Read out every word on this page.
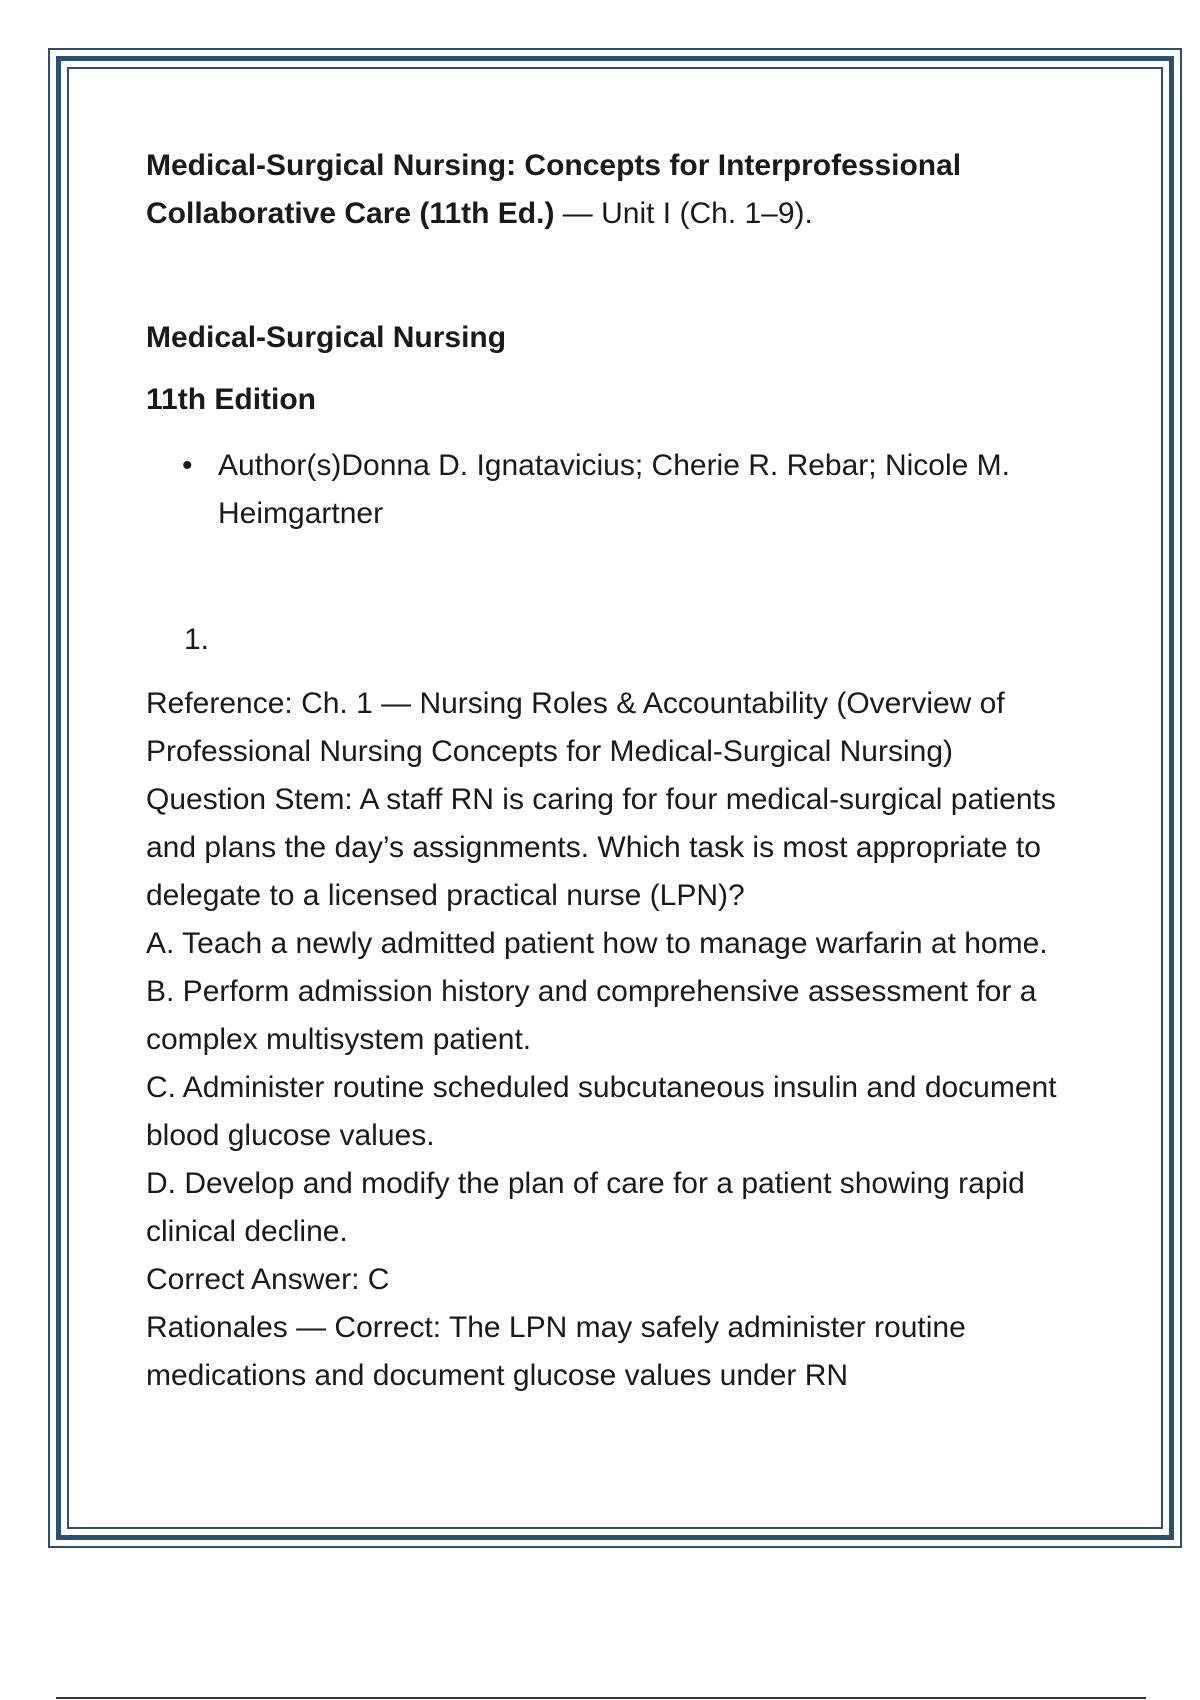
Medical-Surgical Nursing: Concepts for Interprofessional Collaborative Care (11th Ed.) — Unit I (Ch. 1–9).

Medical-Surgical Nursing

11th Edition

• Author(s)Donna D. Ignatavicius; Cherie R. Rebar; Nicole M. Heimgartner

1.

Reference: Ch. 1 — Nursing Roles & Accountability (Overview of Professional Nursing Concepts for Medical-Surgical Nursing)

Question Stem: A staff RN is caring for four medical-surgical patients and plans the day’s assignments. Which task is most appropriate to delegate to a licensed practical nurse (LPN)?

A. Teach a newly admitted patient how to manage warfarin at home.

B. Perform admission history and comprehensive assessment for a complex multisystem patient.

C. Administer routine scheduled subcutaneous insulin and document blood glucose values.

D. Develop and modify the plan of care for a patient showing rapid clinical decline.

Correct Answer: C

Rationales — Correct: The LPN may safely administer routine medications and document glucose values under RN
